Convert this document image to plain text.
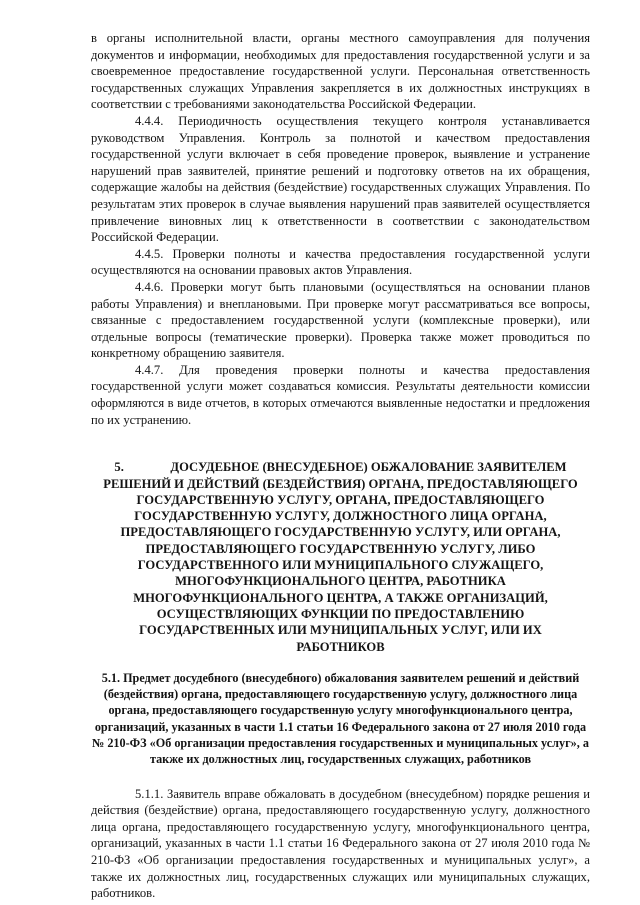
в органы исполнительной власти, органы местного самоуправления для получения документов и информации, необходимых для предоставления государственной услуги и за своевременное предоставление государственной услуги. Персональная ответственность государственных служащих Управления закрепляется в их должностных инструкциях в соответствии с требованиями законодательства Российской Федерации.

4.4.4. Периодичность осуществления текущего контроля устанавливается руководством Управления. Контроль за полнотой и качеством предоставления государственной услуги включает в себя проведение проверок, выявление и устранение нарушений прав заявителей, принятие решений и подготовку ответов на их обращения, содержащие жалобы на действия (бездействие) государственных служащих Управления. По результатам этих проверок в случае выявления нарушений прав заявителей осуществляется привлечение виновных лиц к ответственности в соответствии с законодательством Российской Федерации.

4.4.5. Проверки полноты и качества предоставления государственной услуги осуществляются на основании правовых актов Управления.

4.4.6. Проверки могут быть плановыми (осуществляться на основании планов работы Управления) и внеплановыми. При проверке могут рассматриваться все вопросы, связанные с предоставлением государственной услуги (комплексные проверки), или отдельные вопросы (тематические проверки). Проверка также может проводиться по конкретному обращению заявителя.

4.4.7. Для проведения проверки полноты и качества предоставления государственной услуги может создаваться комиссия. Результаты деятельности комиссии оформляются в виде отчетов, в которых отмечаются выявленные недостатки и предложения по их устранению.

5.	ДОСУДЕБНОЕ (ВНЕСУДЕБНОЕ) ОБЖАЛОВАНИЕ ЗАЯВИТЕЛЕМ РЕШЕНИЙ И ДЕЙСТВИЙ (БЕЗДЕЙСТВИЯ) ОРГАНА, ПРЕДОСТАВЛЯЮЩЕГО ГОСУДАРСТВЕННУЮ УСЛУГУ, ОРГАНА, ПРЕДОСТАВЛЯЮЩЕГО ГОСУДАРСТВЕННУЮ УСЛУГУ, ДОЛЖНОСТНОГО ЛИЦА ОРГАНА, ПРЕДОСТАВЛЯЮЩЕГО ГОСУДАРСТВЕННУЮ УСЛУГУ, ИЛИ ОРГАНА, ПРЕДОСТАВЛЯЮЩЕГО ГОСУДАРСТВЕННУЮ УСЛУГУ, ЛИБО ГОСУДАРСТВЕННОГО ИЛИ МУНИЦИПАЛЬНОГО СЛУЖАЩЕГО, МНОГОФУНКЦИОНАЛЬНОГО ЦЕНТРА, РАБОТНИКА МНОГОФУНКЦИОНАЛЬНОГО ЦЕНТРА, А ТАКЖЕ ОРГАНИЗАЦИЙ, ОСУЩЕСТВЛЯЮЩИХ ФУНКЦИИ ПО ПРЕДОСТАВЛЕНИЮ ГОСУДАРСТВЕННЫХ ИЛИ МУНИЦИПАЛЬНЫХ УСЛУГ, ИЛИ ИХ РАБОТНИКОВ
5.1. Предмет досудебного (внесудебного) обжалования заявителем решений и действий (бездействия) органа, предоставляющего государственную услугу, должностного лица органа, предоставляющего государственную услугу многофункционального центра, организаций, указанных в части 1.1 статьи 16 Федерального закона от 27 июля 2010 года № 210-ФЗ «Об организации предоставления государственных и муниципальных услуг», а также их должностных лиц, государственных служащих, работников

5.1.1. Заявитель вправе обжаловать в досудебном (внесудебном) порядке решения и действия (бездействие) органа, предоставляющего государственную услугу, должностного лица органа, предоставляющего государственную услугу, многофункционального центра, организаций, указанных в части 1.1 статьи 16 Федерального закона от 27 июля 2010 года № 210-ФЗ «Об организации предоставления государственных и муниципальных услуг», а также их должностных лиц, государственных служащих или муниципальных служащих, работников.
